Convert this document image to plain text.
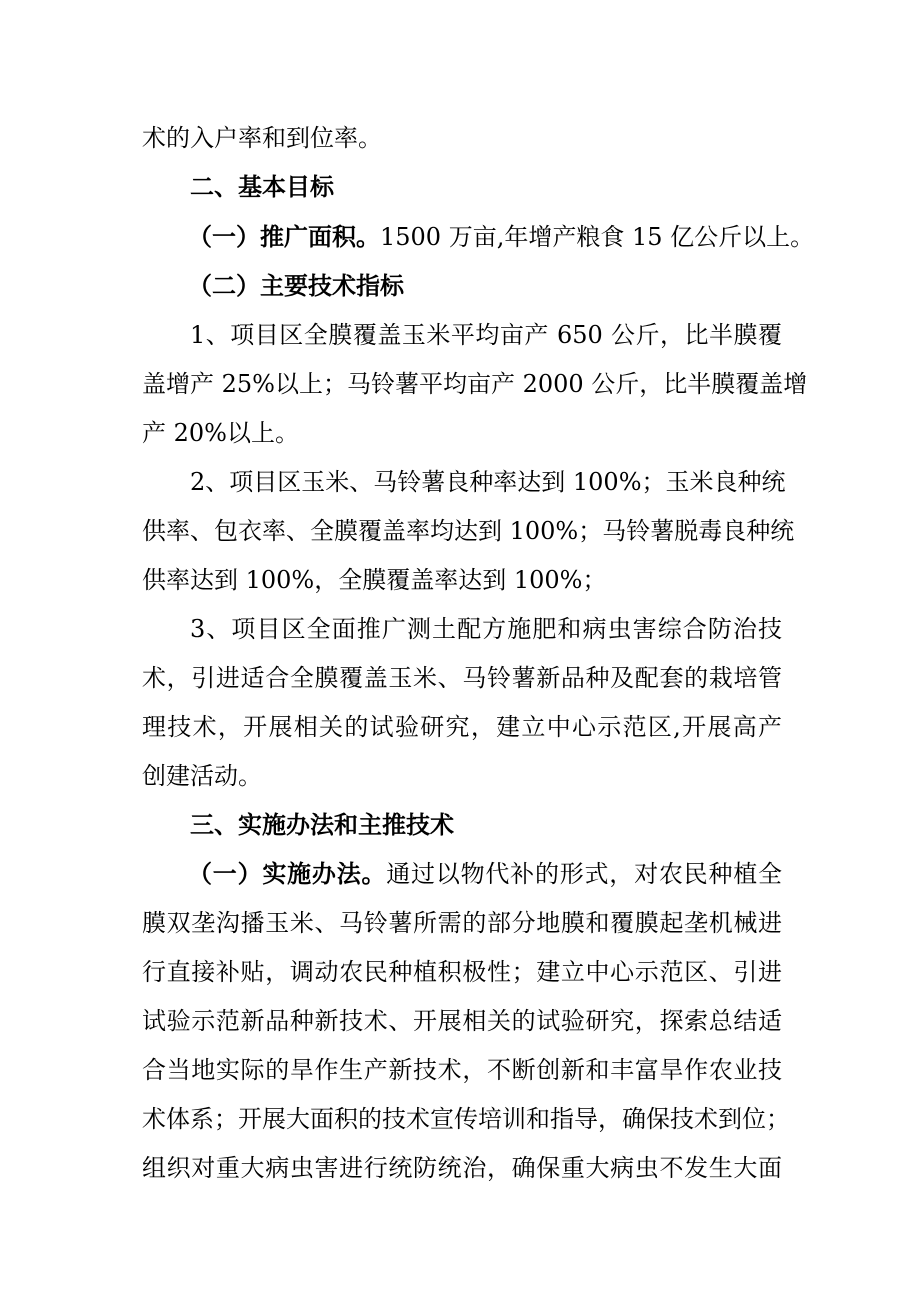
术的入户率和到位率。

二、基本目标

（一）推广面积。1500 万亩,年增产粮食 15 亿公斤以上。

（二）主要技术指标

1、项目区全膜覆盖玉米平均亩产 650 公斤，比半膜覆

盖增产 25%以上；马铃薯平均亩产 2000 公斤，比半膜覆盖增

产 20%以上。

2、项目区玉米、马铃薯良种率达到 100%；玉米良种统

供率、包衣率、全膜覆盖率均达到 100%；马铃薯脱毒良种统

供率达到 100%，全膜覆盖率达到 100%；

3、项目区全面推广测土配方施肥和病虫害综合防治技

术，引进适合全膜覆盖玉米、马铃薯新品种及配套的栽培管

理技术，开展相关的试验研究，建立中心示范区,开展高产

创建活动。

三、实施办法和主推技术

（一）实施办法。通过以物代补的形式，对农民种植全

膜双垄沟播玉米、马铃薯所需的部分地膜和覆膜起垄机械进

行直接补贴，调动农民种植积极性；建立中心示范区、引进

试验示范新品种新技术、开展相关的试验研究，探索总结适

合当地实际的旱作生产新技术，不断创新和丰富旱作农业技

术体系；开展大面积的技术宣传培训和指导，确保技术到位；

组织对重大病虫害进行统防统治，确保重大病虫不发生大面
